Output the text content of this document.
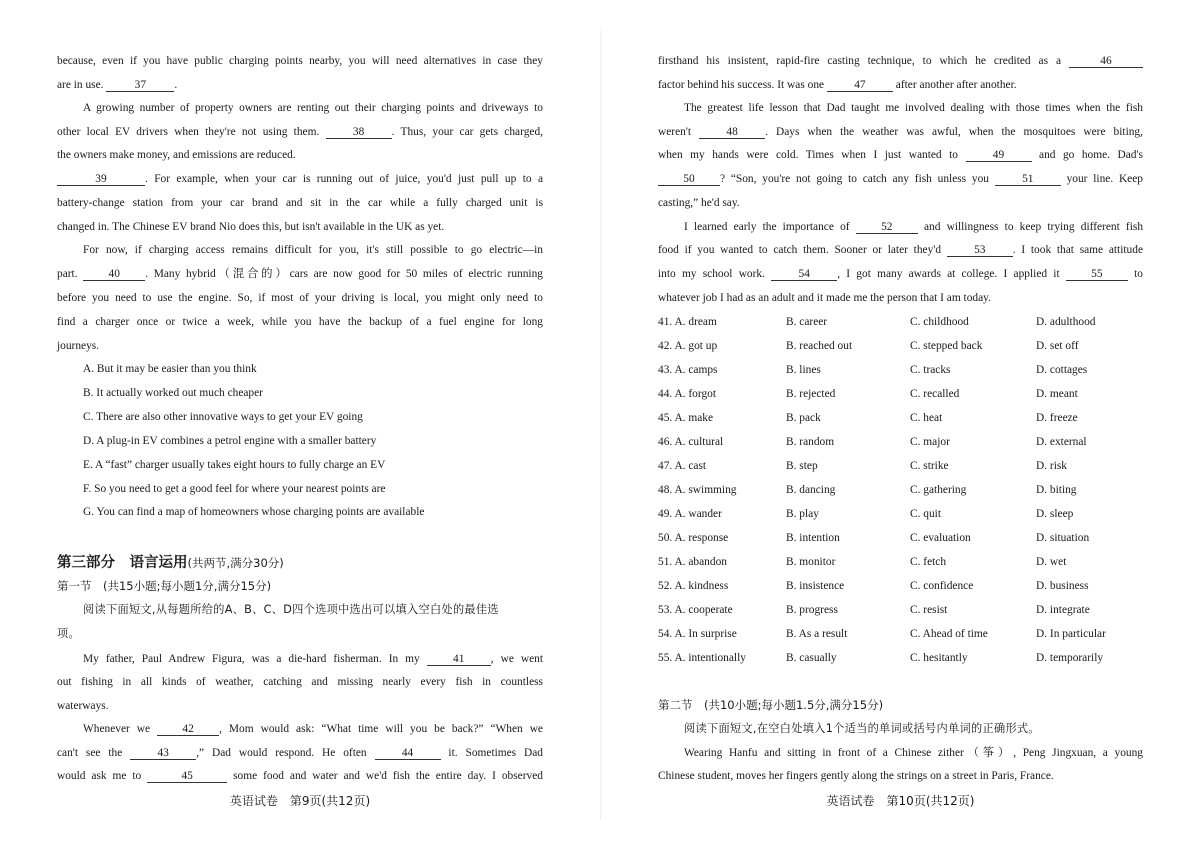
because, even if you have public charging points nearby, you will need alternatives in case they
are in use.	37 .
A growing number of property owners are renting out their charging points and driveways to
other local EV drivers when they're not using them.	38 . Thus, your car gets charged,
the owners make money, and emissions are reduced.
39	. For example, when your car is running out of juice, you'd just pull up to a
battery-change station from your car brand and sit in the car while a fully charged unit is
changed in. The Chinese EV brand Nio does this, but isn't available in the UK as yet.
For now, if charging access remains difficult for you, it's still possible to go electric—in
part.	40 . Many hybrid（混合的）cars are now good for 50 miles of electric running
before you need to use the engine. So, if most of your driving is local, you might only need to
find a charger once or twice a week, while you have the backup of a fuel engine for long
journeys.
A. But it may be easier than you think
B. It actually worked out much cheaper
C. There are also other innovative ways to get your EV going
D. A plug-in EV combines a petrol engine with a smaller battery
E. A “fast” charger usually takes eight hours to fully charge an EV
F. So you need to get a good feel for where your nearest points are
G. You can find a map of homeowners whose charging points are available
第三部分　语言运用(共两节,满分30分)
第一节　(共15小题;每小题1分,满分15分)
阅读下面短文,从每题所给的A、B、C、D四个选项中选出可以填入空白处的最佳选
项。
My father, Paul Andrew Figura, was a die-hard fisherman. In my	41 , we went
out fishing in all kinds of weather, catching and missing nearly every fish in countless
waterways.
Whenever we	42 , Mom would ask: “What time will you be back?” “When we
can't see the	43 ,” Dad would respond. He often	44	it. Sometimes Dad
would ask me to	45	some food and water and we'd fish the entire day. I observed
英语试卷　第9页(共12页)
firsthand his insistent, rapid-fire casting technique, to which he credited as a	46
factor behind his success. It was one	47	after another after another.
The greatest life lesson that Dad taught me involved dealing with those times when the fish
weren't	48 . Days when the weather was awful, when the mosquitoes were biting,
when my hands were cold. Times when I just wanted to	49	and go home. Dad's
50 ? “Son, you're not going to catch any fish unless you	51	your line. Keep
casting,” he'd say.
I learned early the importance of	52	and willingness to keep trying different fish
food if you wanted to catch them. Sooner or later they'd	53 . I took that same attitude
into my school work.	54 , I got many awards at college. I applied it	55	to
whatever job I had as an adult and it made me the person that I am today.
41. A. dream	B. career	C. childhood	D. adulthood
42. A. got up	B. reached out	C. stepped back	D. set off
43. A. camps	B. lines	C. tracks	D. cottages
44. A. forgot	B. rejected	C. recalled	D. meant
45. A. make	B. pack	C. heat	D. freeze
46. A. cultural	B. random	C. major	D. external
47. A. cast	B. step	C. strike	D. risk
48. A. swimming	B. dancing	C. gathering	D. biting
49. A. wander	B. play	C. quit	D. sleep
50. A. response	B. intention	C. evaluation	D. situation
51. A. abandon	B. monitor	C. fetch	D. wet
52. A. kindness	B. insistence	C. confidence	D. business
53. A. cooperate	B. progress	C. resist	D. integrate
54. A. In surprise	B. As a result	C. Ahead of time	D. In particular
55. A. intentionally	B. casually	C. hesitantly	D. temporarily
第二节　(共10小题;每小题1.5分,满分15分)
阅读下面短文,在空白处填入1个适当的单词或括号内单词的正确形式。
Wearing Hanfu and sitting in front of a Chinese zither（筝）, Peng Jingxuan, a young
Chinese student, moves her fingers gently along the strings on a street in Paris, France.
英语试卷　第10页(共12页)
